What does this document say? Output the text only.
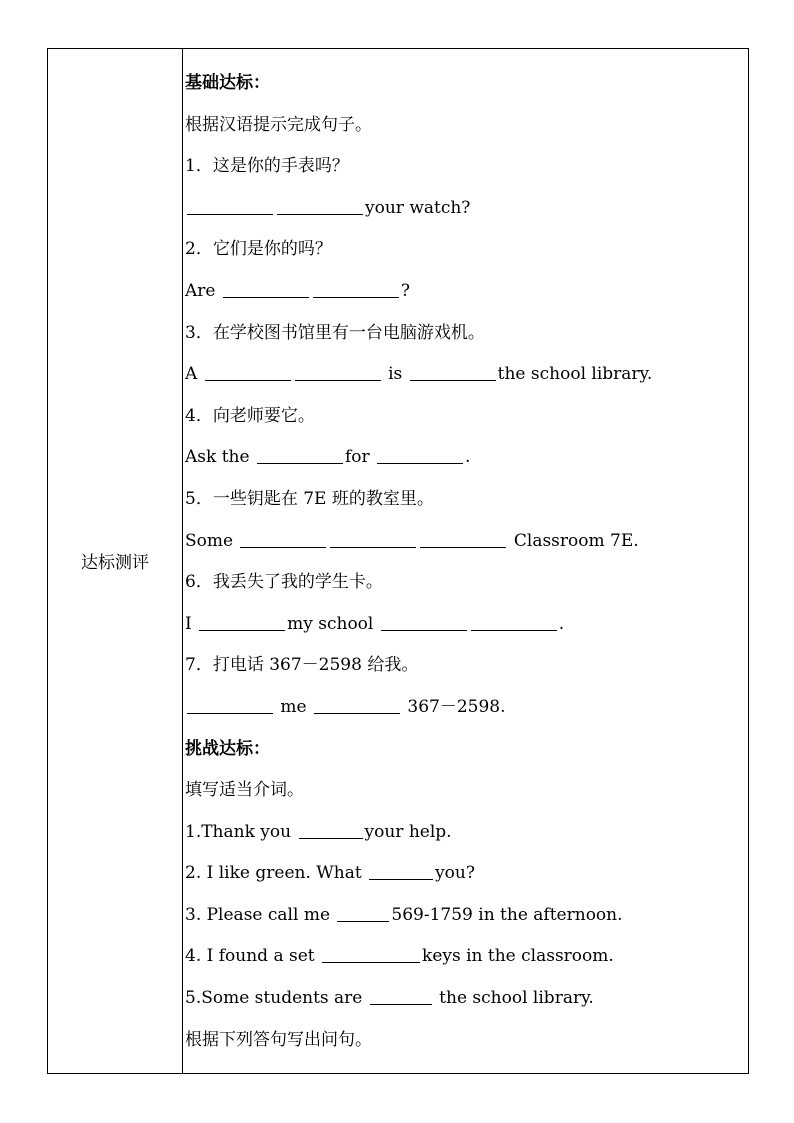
达标测评
基础达标：
根据汉语提示完成句子。
1．这是你的手表吗？
your watch?
2．它们是你的吗？
Are	?
3．在学校图书馆里有一台电脑游戏机。
A	is	the school library.
4．向老师要它。
Ask the	for	.
5．一些钥匙在 7E 班的教室里。
Some	Classroom 7E.
6．我丢失了我的学生卡。
I	my school	.
7．打电话 367－2598 给我。
me	367－2598.
挑战达标：
填写适当介词。
1.Thank you	your help.
2. I like green. What	you?
3. Please call me	569-1759 in the afternoon.
4. I found a set	keys in the classroom.
5.Some students are	the school library.
根据下列答句写出问句。
